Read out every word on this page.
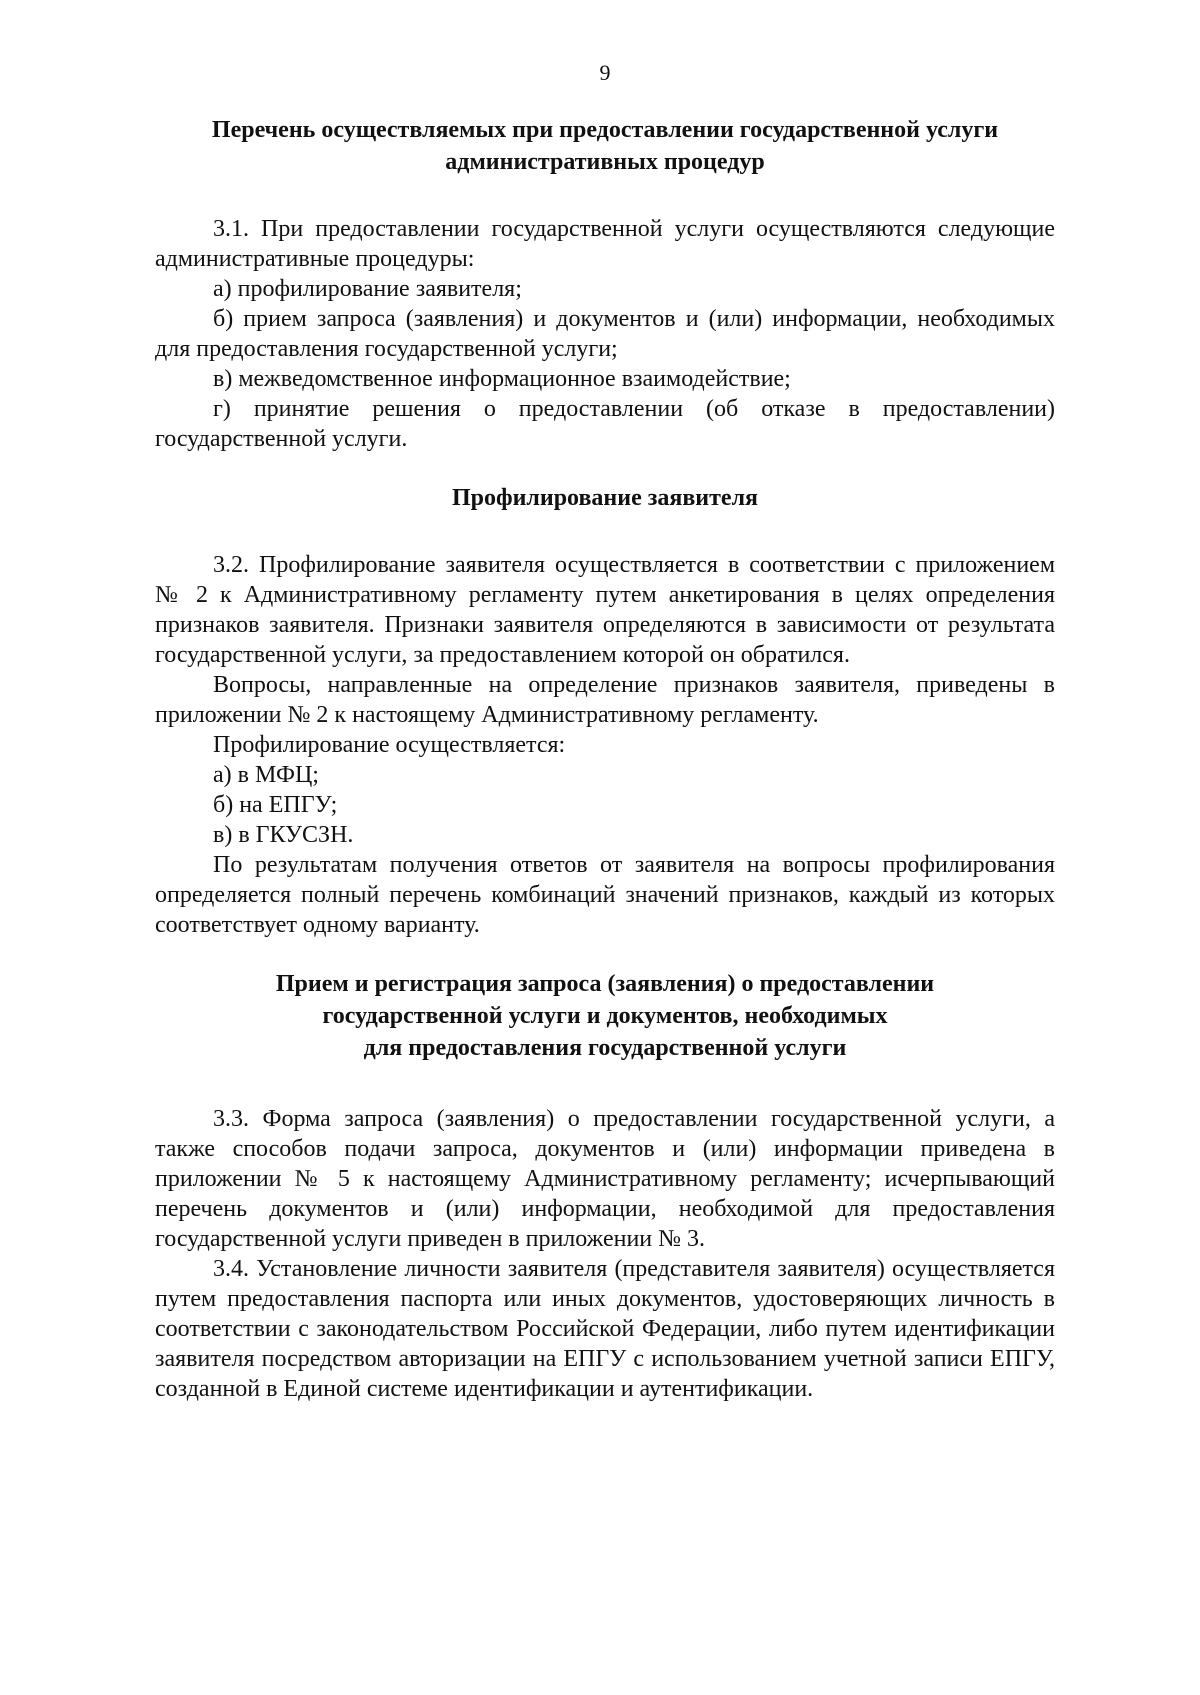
9
Перечень осуществляемых при предоставлении государственной услуги
административных процедур

3.1. При предоставлении государственной услуги осуществляются следующие административные процедуры:

а) профилирование заявителя;

б) прием запроса (заявления) и документов и (или) информации, необходимых для предоставления государственной услуги;

в) межведомственное информационное взаимодействие;

г) принятие решения о предоставлении (об отказе в предоставлении) государственной услуги.

Профилирование заявителя

3.2. Профилирование заявителя осуществляется в соответствии с приложением № 2 к Административному регламенту путем анкетирования в целях определения признаков заявителя. Признаки заявителя определяются в зависимости от результата государственной услуги, за предоставлением которой он обратился.

Вопросы, направленные на определение признаков заявителя, приведены в приложении № 2 к настоящему Административному регламенту.

Профилирование осуществляется:

а) в МФЦ;

б) на ЕПГУ;

в) в ГКУСЗН.

По результатам получения ответов от заявителя на вопросы профилирования определяется полный перечень комбинаций значений признаков, каждый из которых соответствует одному варианту.

Прием и регистрация запроса (заявления) о предоставлении
государственной услуги и документов, необходимых
для предоставления государственной услуги

3.3. Форма запроса (заявления) о предоставлении государственной услуги, а также способов подачи запроса, документов и (или) информации приведена в приложении № 5 к настоящему Административному регламенту; исчерпывающий перечень документов и (или) информации, необходимой для предоставления государственной услуги приведен в приложении № 3.

3.4. Установление личности заявителя (представителя заявителя) осуществляется путем предоставления паспорта или иных документов, удостоверяющих личность в соответствии с законодательством Российской Федерации, либо путем идентификации заявителя посредством авторизации на ЕПГУ с использованием учетной записи ЕПГУ, созданной в Единой системе идентификации и аутентификации.
